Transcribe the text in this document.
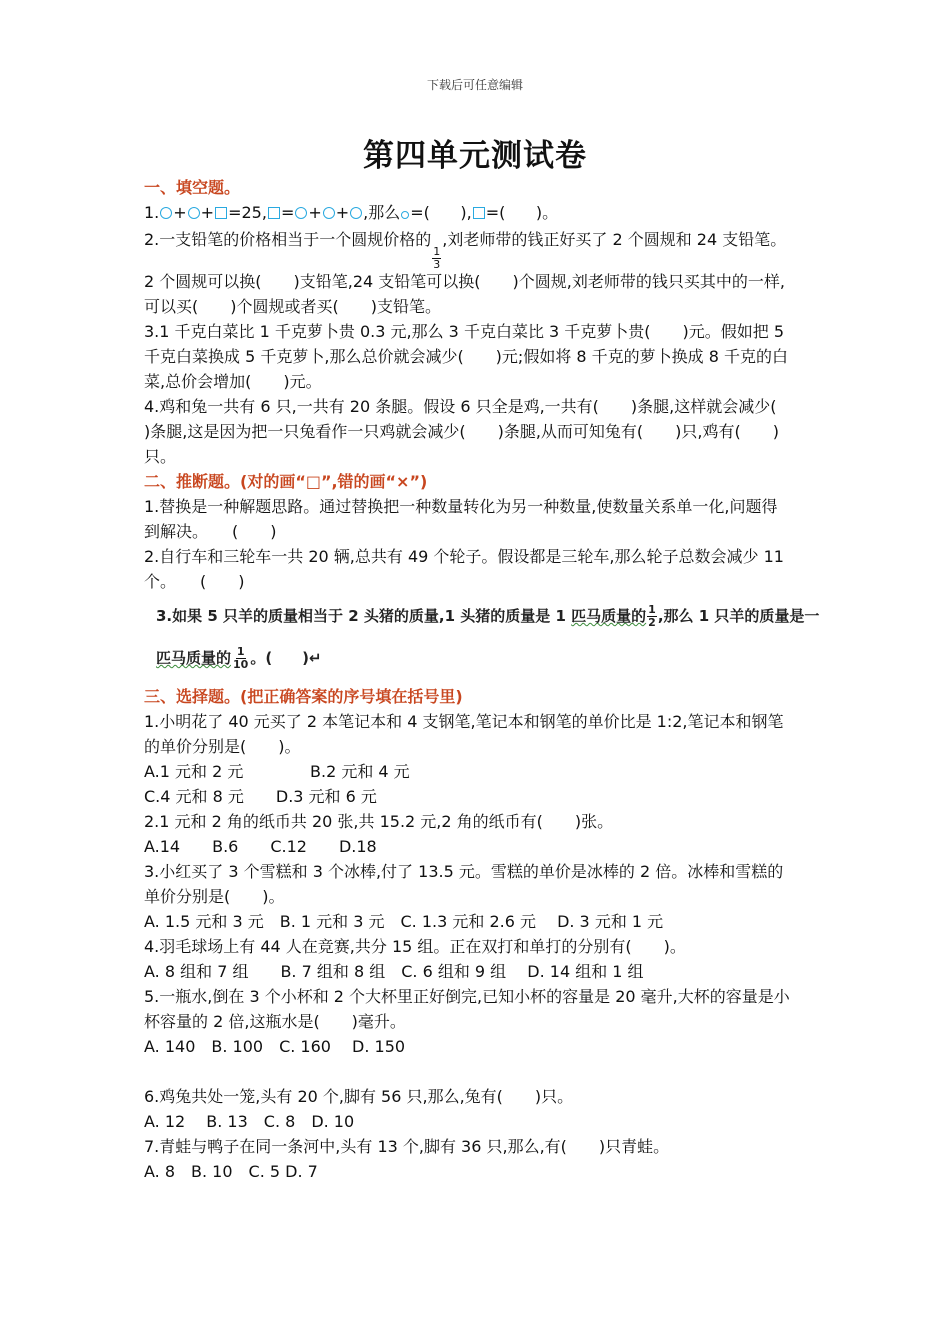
下载后可任意编辑
第四单元测试卷
一、填空题。
1. + + =25, = + + ,那么 =( ), =( )。
2.一支铅笔的价格相当于一个圆规价格的
$\frac{1}{3}$
,刘老师带的钱正好买了 2 个圆规和 24 支铅笔。
2 个圆规可以换(　　)支铅笔,24 支铅笔可以换(　　)个圆规,刘老师带的钱只买其中的一样,
可以买(　　)个圆规或者买(　　)支铅笔。
3.1 千克白菜比 1 千克萝卜贵 0.3 元,那么 3 千克白菜比 3 千克萝卜贵(　　)元。假如把 5
千克白菜换成 5 千克萝卜,那么总价就会减少(　　)元;假如将 8 千克的萝卜换成 8 千克的白
菜,总价会增加(　　)元。
4.鸡和兔一共有 6 只,一共有 20 条腿。假设 6 只全是鸡,一共有(　　)条腿,这样就会减少(
)条腿,这是因为把一只兔看作一只鸡就会减少(　　)条腿,从而可知兔有(　　)只,鸡有(　　)
只。
二、推断题。(对的画“□”,错的画“×”)
1.替换是一种解题思路。通过替换把一种数量转化为另一种数量,使数量关系单一化,问题得
到解决。　　(　　)
2.自行车和三轮车一共 20 辆,总共有 49 个轮子。假设都是三轮车,那么轮子总数会减少 11
个。　　(　　)
3.如果 5 只羊的质量相当于 2 头猪的质量,1 头猪的质量是 1 匹马质量的 $\frac{1}{2}$ ,那么 1 只羊的质量是一
匹马质量的 $\frac{1}{10}$ 。(　　)↵
三、选择题。(把正确答案的序号填在括号里)
1.小明花了 40 元买了 2 本笔记本和 4 支钢笔,笔记本和钢笔的单价比是 1:2,笔记本和钢笔
的单价分别是(　　)。
A.1 元和 2 元	B.2 元和 4 元
C.4 元和 8 元　　D.3 元和 6 元
2.1 元和 2 角的纸币共 20 张,共 15.2 元,2 角的纸币有(　　)张。
A.14　　B.6　　C.12　　D.18
3.小红买了 3 个雪糕和 3 个冰棒,付了 13.5 元。雪糕的单价是冰棒的 2 倍。冰棒和雪糕的
单价分别是(　　)。
A. 1.5 元和 3 元　B. 1 元和 3 元　C. 1.3 元和 2.6 元　 D. 3 元和 1 元
4.羽毛球场上有 44 人在竞赛,共分 15 组。正在双打和单打的分别有(　　)。
A. 8 组和 7 组　　B. 7 组和 8 组　C. 6 组和 9 组　 D. 14 组和 1 组
5.一瓶水,倒在 3 个小杯和 2 个大杯里正好倒完,已知小杯的容量是 20 毫升,大杯的容量是小
杯容量的 2 倍,这瓶水是(　　)毫升。
A. 140　B. 100　C. 160　 D. 150
6.鸡兔共处一笼,头有 20 个,脚有 56 只,那么,兔有(　　)只。
A. 12　 B. 13　C. 8　D. 10
7.青蛙与鸭子在同一条河中,头有 13 个,脚有 36 只,那么,有(　　)只青蛙。
A. 8　B. 10　C. 5 D. 7
